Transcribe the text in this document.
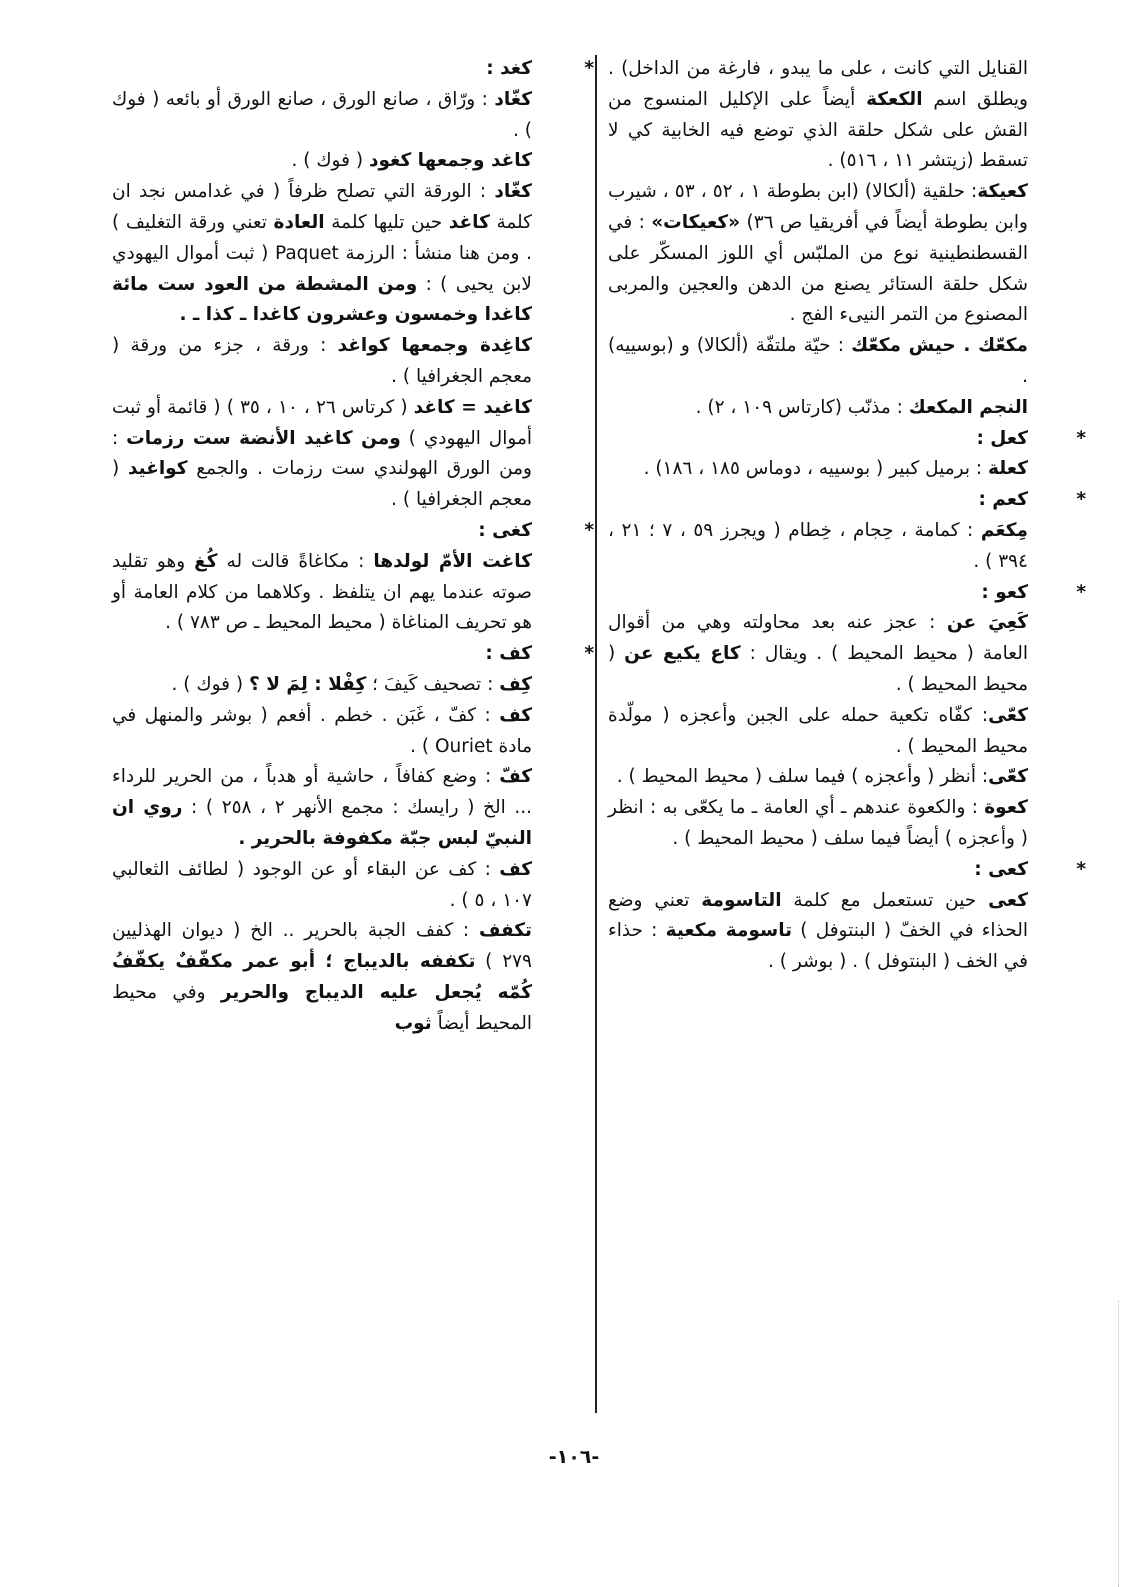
القنايل التي كانت ، على ما يبدو ، فارغة من الداخل) . ويطلق اسم الكعكة أيضاً على الإكليل المنسوج من القش على شكل حلقة الذي توضع فيه الخابية كي لا تسقط (زيتشر ١١ ، ٥١٦) .

كعيكة: حلقية (ألكالا) (ابن بطوطة ١ ، ٥٢ ، ٥٣ ، شيرب وابن بطوطة أيضاً في أفريقيا ص ٣٦) «كعيكات» : في القسطنطينية نوع من الملبّس أي اللوز المسكّر على شكل حلقة الستائر يصنع من الدهن والعجين والمربى المصنوع من التمر النيىء الفج .

مكعّك . حيش مكعّك : حيّة ملتفّة (ألكالا) و (بوسييه) .

النجم المكعك : مذنّب (كارتاس ١٠٩ ، ٢) .

*
كعل :

كعلة : برميل كبير ( بوسييه ، دوماس ١٨٥ ، ١٨٦) .

*
كعم :

مِكعَم : كمامة ، حِجام ، خِطام ( ويجرز ٥٩ ، ٧ ؛ ٢١ ، ٣٩٤ ) .

*
كعو :

كَعِيَ عن : عجز عنه بعد محاولته وهي من أقوال العامة ( محيط المحيط ) . ويقال : كاع يكيع عن ( محيط المحيط ) .

كعّى: كفّاه تكعية حمله على الجبن وأعجزه ( مولّدة محيط المحيط ) .

كعّى: أنظر ( وأعجزه ) فيما سلف ( محيط المحيط ) .

كعوة : والكعوة عندهم ـ أي العامة ـ ما يكعّى به : انظر ( وأعجزه ) أيضاً فيما سلف ( محيط المحيط ) .

*
كعى :

كعى حين تستعمل مع كلمة التاسومة تعني وضع الحذاء في الخفّ ( البنتوفل ) تاسومة مكعية : حذاء في الخف ( البنتوفل ) . ( بوشر ) .

*
كغد :

كغّاد : ورّاق ، صانع الورق ، صانع الورق أو بائعه ( فوك ) .

كاغد وجمعها كغود ( فوك ) .

كغّاد : الورقة التي تصلح ظرفاً ( في غدامس نجد ان كلمة كاغد حين تليها كلمة العادة تعني ورقة التغليف ) . ومن هنا منشأ : الرزمة Paquet ( ثبت أموال اليهودي لابن يحيى ) : ومن المشطة من العود ست مائة كاغدا وخمسون وعشرون كاغدا ـ كذا ـ .

كاغِدة وجمعها كواغد : ورقة ، جزء من ورقة ( معجم الجغرافيا ) .

كاغيد = كاغد ( كرتاس ٢٦ ، ١٠ ، ٣٥ ) ( قائمة أو ثبت أموال اليهودي ) ومن كاغيد الأنضة ست رزمات : ومن الورق الهولندي ست رزمات . والجمع كواغيد ( معجم الجغرافيا ) .

*
كغى :

كاغت الأمّ لولدها : مكاغاةً قالت له كُغ وهو تقليد صوته عندما يهم ان يتلفظ . وكلاهما من كلام العامة أو هو تحريف المناغاة ( محيط المحيط ـ ص ٧٨٣ ) .

*
كف :

كِف : تصحيف كَيفَ ؛ كِفْلا : لِمَ لا ؟ ( فوك ) .

كف : كفّ ، غَبَن . خطم . أفعم ( بوشر والمنهل في مادة Ouriet ) .

كفّ : وضع كفافاً ، حاشية أو هدباً ، من الحرير للرداء ... الخ ( رايسك : مجمع الأنهر ٢ ، ٢٥٨ ) : روي ان النبيّ لبس جبّة مكفوفة بالحرير .

كف : كف عن البقاء أو عن الوجود ( لطائف الثعالبي ١٠٧ ، ٥ ) .

تكفف : كفف الجبة بالحرير .. الخ ( ديوان الهذليين ٢٧٩ ) تكففه بالديباج ؛ أبو عمر مكفّفٌ يكفّفُ كُمّه يُجعل عليه الديباج والحرير وفي محيط المحيط أيضاً ثوب

-١٠٦-
